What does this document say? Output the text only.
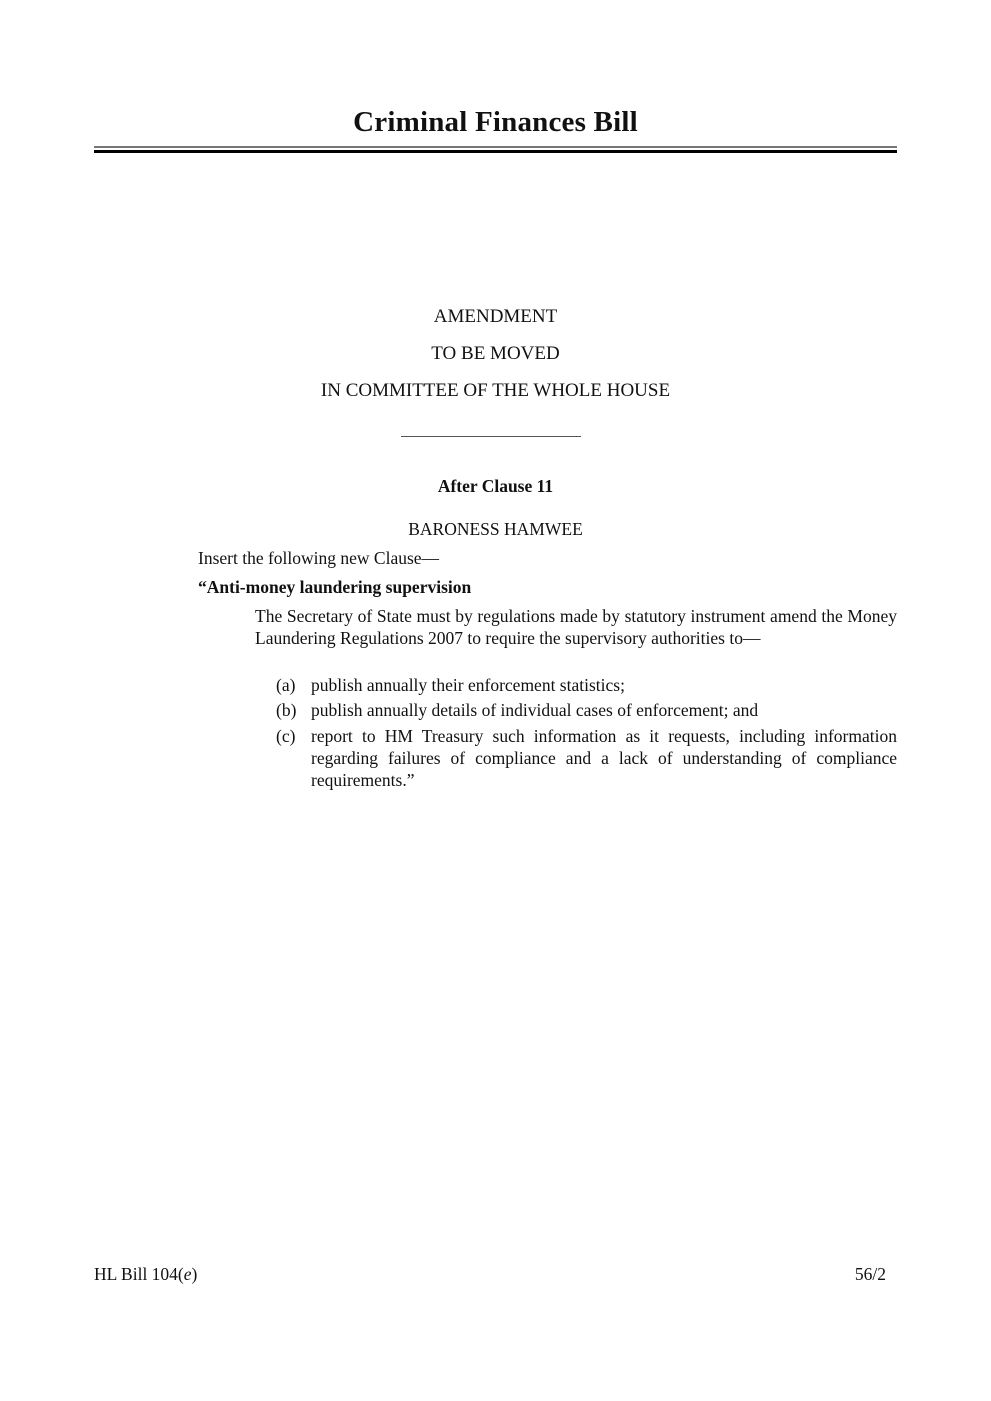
Criminal Finances Bill
AMENDMENT
TO BE MOVED
IN COMMITTEE OF THE WHOLE HOUSE
After Clause 11
BARONESS HAMWEE
Insert the following new Clause—
“Anti-money laundering supervision
The Secretary of State must by regulations made by statutory instrument amend the Money Laundering Regulations 2007 to require the supervisory authorities to—
(a) publish annually their enforcement statistics;
(b) publish annually details of individual cases of enforcement; and
(c) report to HM Treasury such information as it requests, including information regarding failures of compliance and a lack of understanding of compliance requirements.”
HL Bill 104(e)	56/2
